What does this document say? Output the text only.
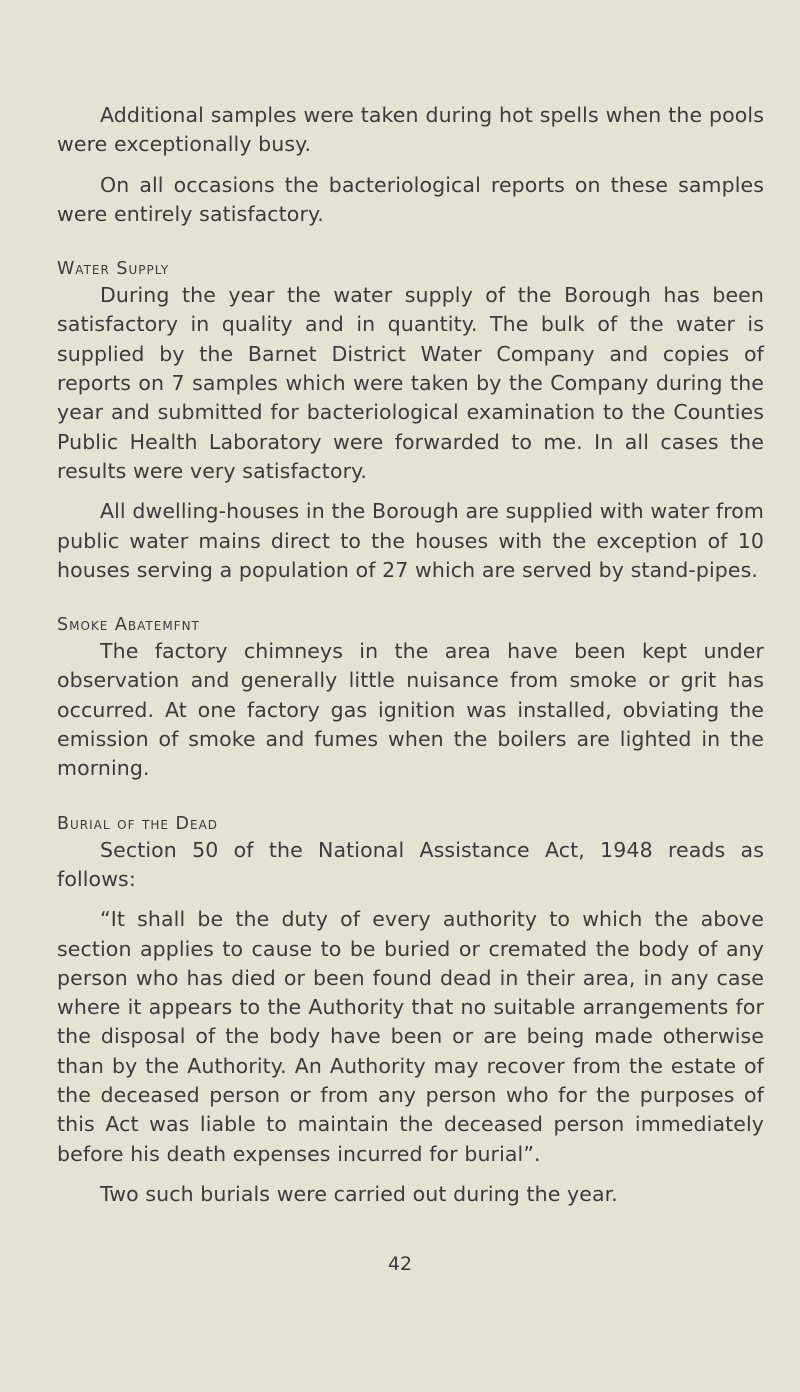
Additional samples were taken during hot spells when the pools were exceptionally busy.

On all occasions the bacteriological reports on these samples were entirely satisfactory.

Water Supply

During the year the water supply of the Borough has been satisfactory in quality and in quantity. The bulk of the water is supplied by the Barnet District Water Company and copies of reports on 7 samples which were taken by the Company during the year and submitted for bacteriological examination to the Counties Public Health Laboratory were forwarded to me. In all cases the results were very satisfactory.

All dwelling-houses in the Borough are supplied with water from public water mains direct to the houses with the exception of 10 houses serving a population of 27 which are served by stand-pipes.

Smoke Abatemfnt

The factory chimneys in the area have been kept under observation and generally little nuisance from smoke or grit has occurred. At one factory gas ignition was installed, obviating the emission of smoke and fumes when the boilers are lighted in the morning.

Burial of the Dead

Section 50 of the National Assistance Act, 1948 reads as follows:

“It shall be the duty of every authority to which the above section applies to cause to be buried or cremated the body of any person who has died or been found dead in their area, in any case where it appears to the Authority that no suitable arrangements for the disposal of the body have been or are being made otherwise than by the Authority. An Authority may recover from the estate of the deceased person or from any person who for the purposes of this Act was liable to maintain the deceased person immediately before his death expenses incurred for burial”.

Two such burials were carried out during the year.

42
